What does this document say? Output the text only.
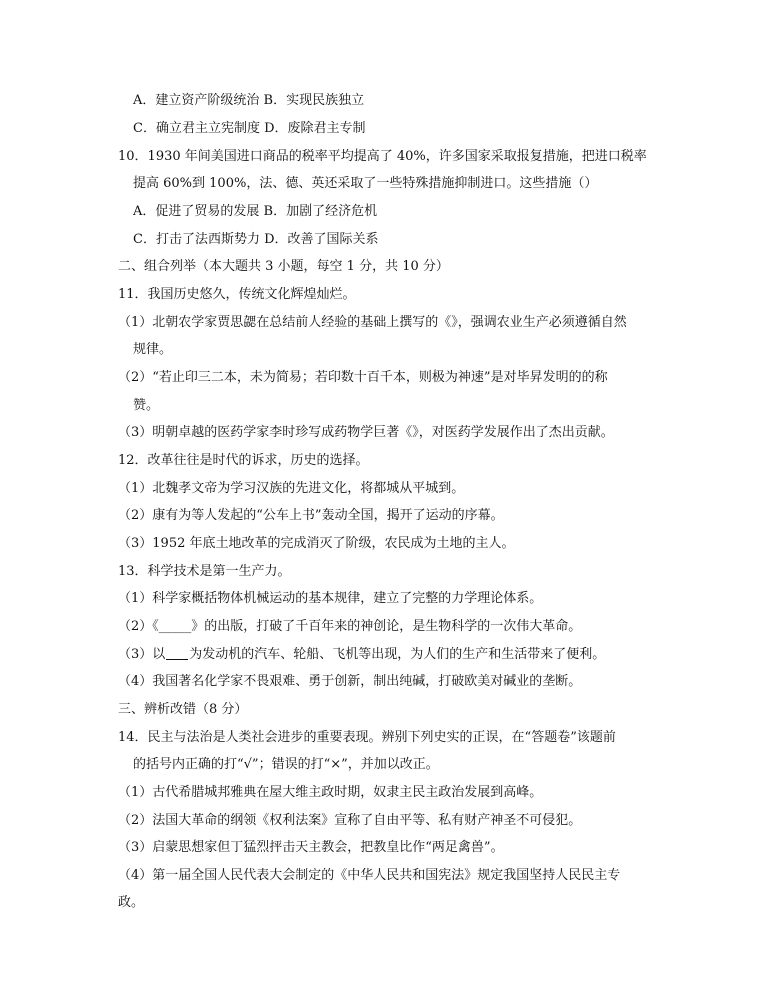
A．建立资产阶级统治 B．实现民族独立
C．确立君主立宪制度 D．废除君主专制
10．1930 年间美国进口商品的税率平均提高了 40%，许多国家采取报复措施，把进口税率
提高 60%到 100%，法、德、英还采取了一些特殊措施抑制进口。这些措施（）
A．促进了贸易的发展 B．加剧了经济危机
C．打击了法西斯势力 D．改善了国际关系
二、组合列举（本大题共 3 小题，每空 1 分，共 10 分）
11．我国历史悠久，传统文化辉煌灿烂。
（1）北朝农学家贾思勰在总结前人经验的基础上撰写的《》，强调农业生产必须遵循自然
规律。
（2）“若止印三二本，未为简易；若印数十百千本，则极为神速”是对毕昇发明的的称
赞。
（3）明朝卓越的医药学家李时珍写成药物学巨著《》，对医药学发展作出了杰出贡献。
12．改革往往是时代的诉求，历史的选择。
（1）北魏孝文帝为学习汉族的先进文化，将都城从平城到。
（2）康有为等人发起的“公车上书”轰动全国，揭开了运动的序幕。
（3）1952 年底土地改革的完成消灭了阶级，农民成为土地的主人。
13．科学技术是第一生产力。
（1）科学家概括物体机械运动的基本规律，建立了完整的力学理论体系。
（2）《_____》的出版，打破了千百年来的神创论，是生物科学的一次伟大革命。
（3）以 为发动机的汽车、轮船、飞机等出现，为人们的生产和生活带来了便利。
（4）我国著名化学家不畏艰难、勇于创新，制出纯碱，打破欧美对碱业的垄断。
三、辨析改错（8 分）
14．民主与法治是人类社会进步的重要表现。辨别下列史实的正误，在“答题卷”该题前
的括号内正确的打“√”；错误的打“×”，并加以改正。
（1）古代希腊城邦雅典在屋大维主政时期，奴隶主民主政治发展到高峰。
（2）法国大革命的纲领《权利法案》宣称了自由平等、私有财产神圣不可侵犯。
（3）启蒙思想家但丁猛烈抨击天主教会，把教皇比作“两足禽兽”。
（4）第一届全国人民代表大会制定的《中华人民共和国宪法》规定我国坚持人民民主专
政。
